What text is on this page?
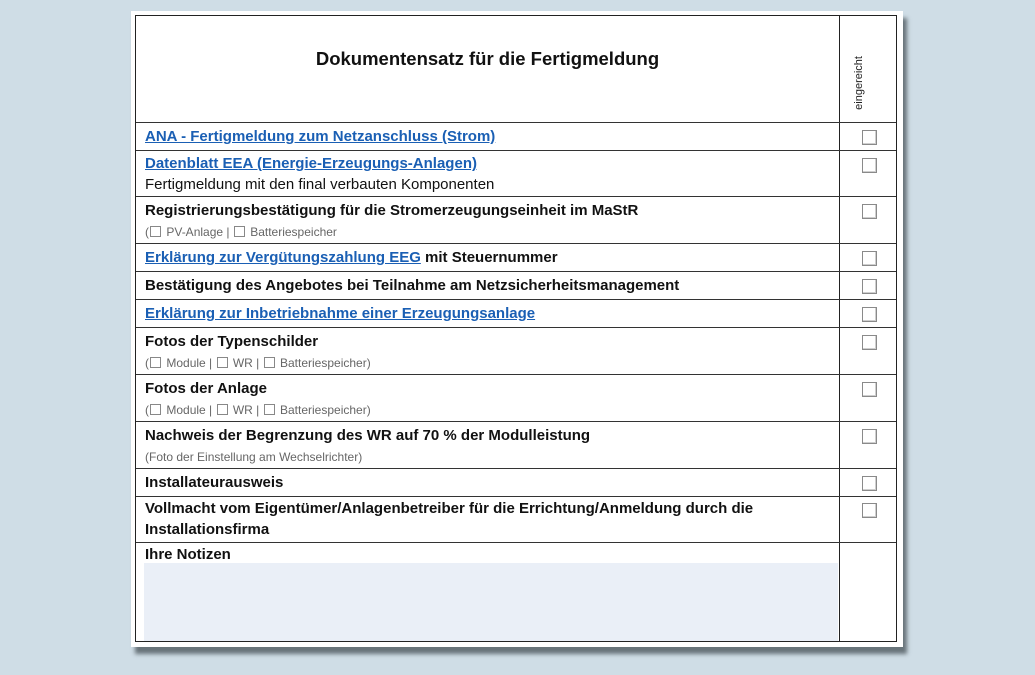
Dokumentensatz für die Fertigmeldung	eingereicht
ANA - Fertigmeldung zum Netzanschluss (Strom)
Datenblatt EEA (Energie-Erzeugungs-Anlagen)
Fertigmeldung mit den final verbauten Komponenten
Registrierungsbestätigung für die Stromerzeugungseinheit im MaStR
( PV-Anlage |  Batteriespeicher
Erklärung zur Vergütungszahlung EEG mit Steuernummer
Bestätigung des Angebotes bei Teilnahme am Netzsicherheitsmanagement
Erklärung zur Inbetriebnahme einer Erzeugungsanlage
Fotos der Typenschilder
( Module |  WR |  Batteriespeicher)
Fotos der Anlage
( Module |  WR |  Batteriespeicher)
Nachweis der Begrenzung des WR auf 70 % der Modulleistung
(Foto der Einstellung am Wechselrichter)
Installateurausweis
Vollmacht vom Eigentümer/Anlagenbetreiber für die Errichtung/Anmeldung durch die Installationsfirma
Ihre Notizen
